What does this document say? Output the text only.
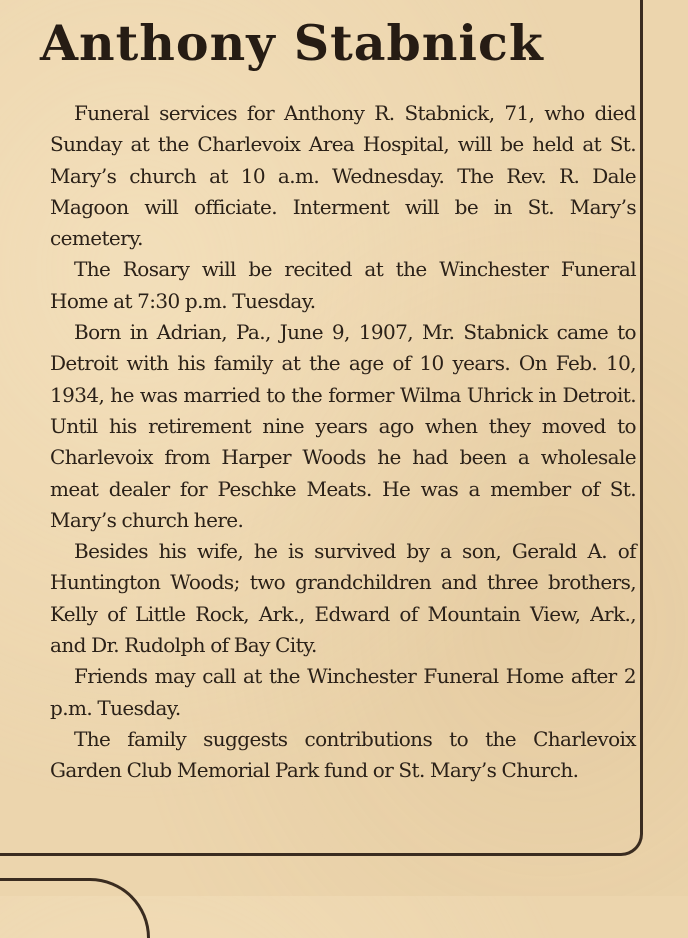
Anthony Stabnick

Funeral services for Anthony R. Stabnick, 71, who died Sunday at the Charlevoix Area Hospital, will be held at St. Mary’s church at 10 a.m. Wednesday. The Rev. R. Dale Magoon will officiate. Interment will be in St. Mary’s cemetery.

The Rosary will be recited at the Winchester Funeral Home at 7:30 p.m. Tuesday.

Born in Adrian, Pa., June 9, 1907, Mr. Stabnick came to Detroit with his family at the age of 10 years. On Feb. 10, 1934, he was married to the former Wilma Uhrick in Detroit. Until his retirement nine years ago when they moved to Charlevoix from Harper Woods he had been a wholesale meat dealer for Peschke Meats. He was a member of St. Mary’s church here.

Besides his wife, he is survived by a son, Gerald A. of Huntington Woods; two grandchildren and three brothers, Kelly of Little Rock, Ark., Edward of Mountain View, Ark., and Dr. Rudolph of Bay City.

Friends may call at the Winchester Funeral Home after 2 p.m. Tuesday.

The family suggests contributions to the Charlevoix Garden Club Memorial Park fund or St. Mary’s Church.
